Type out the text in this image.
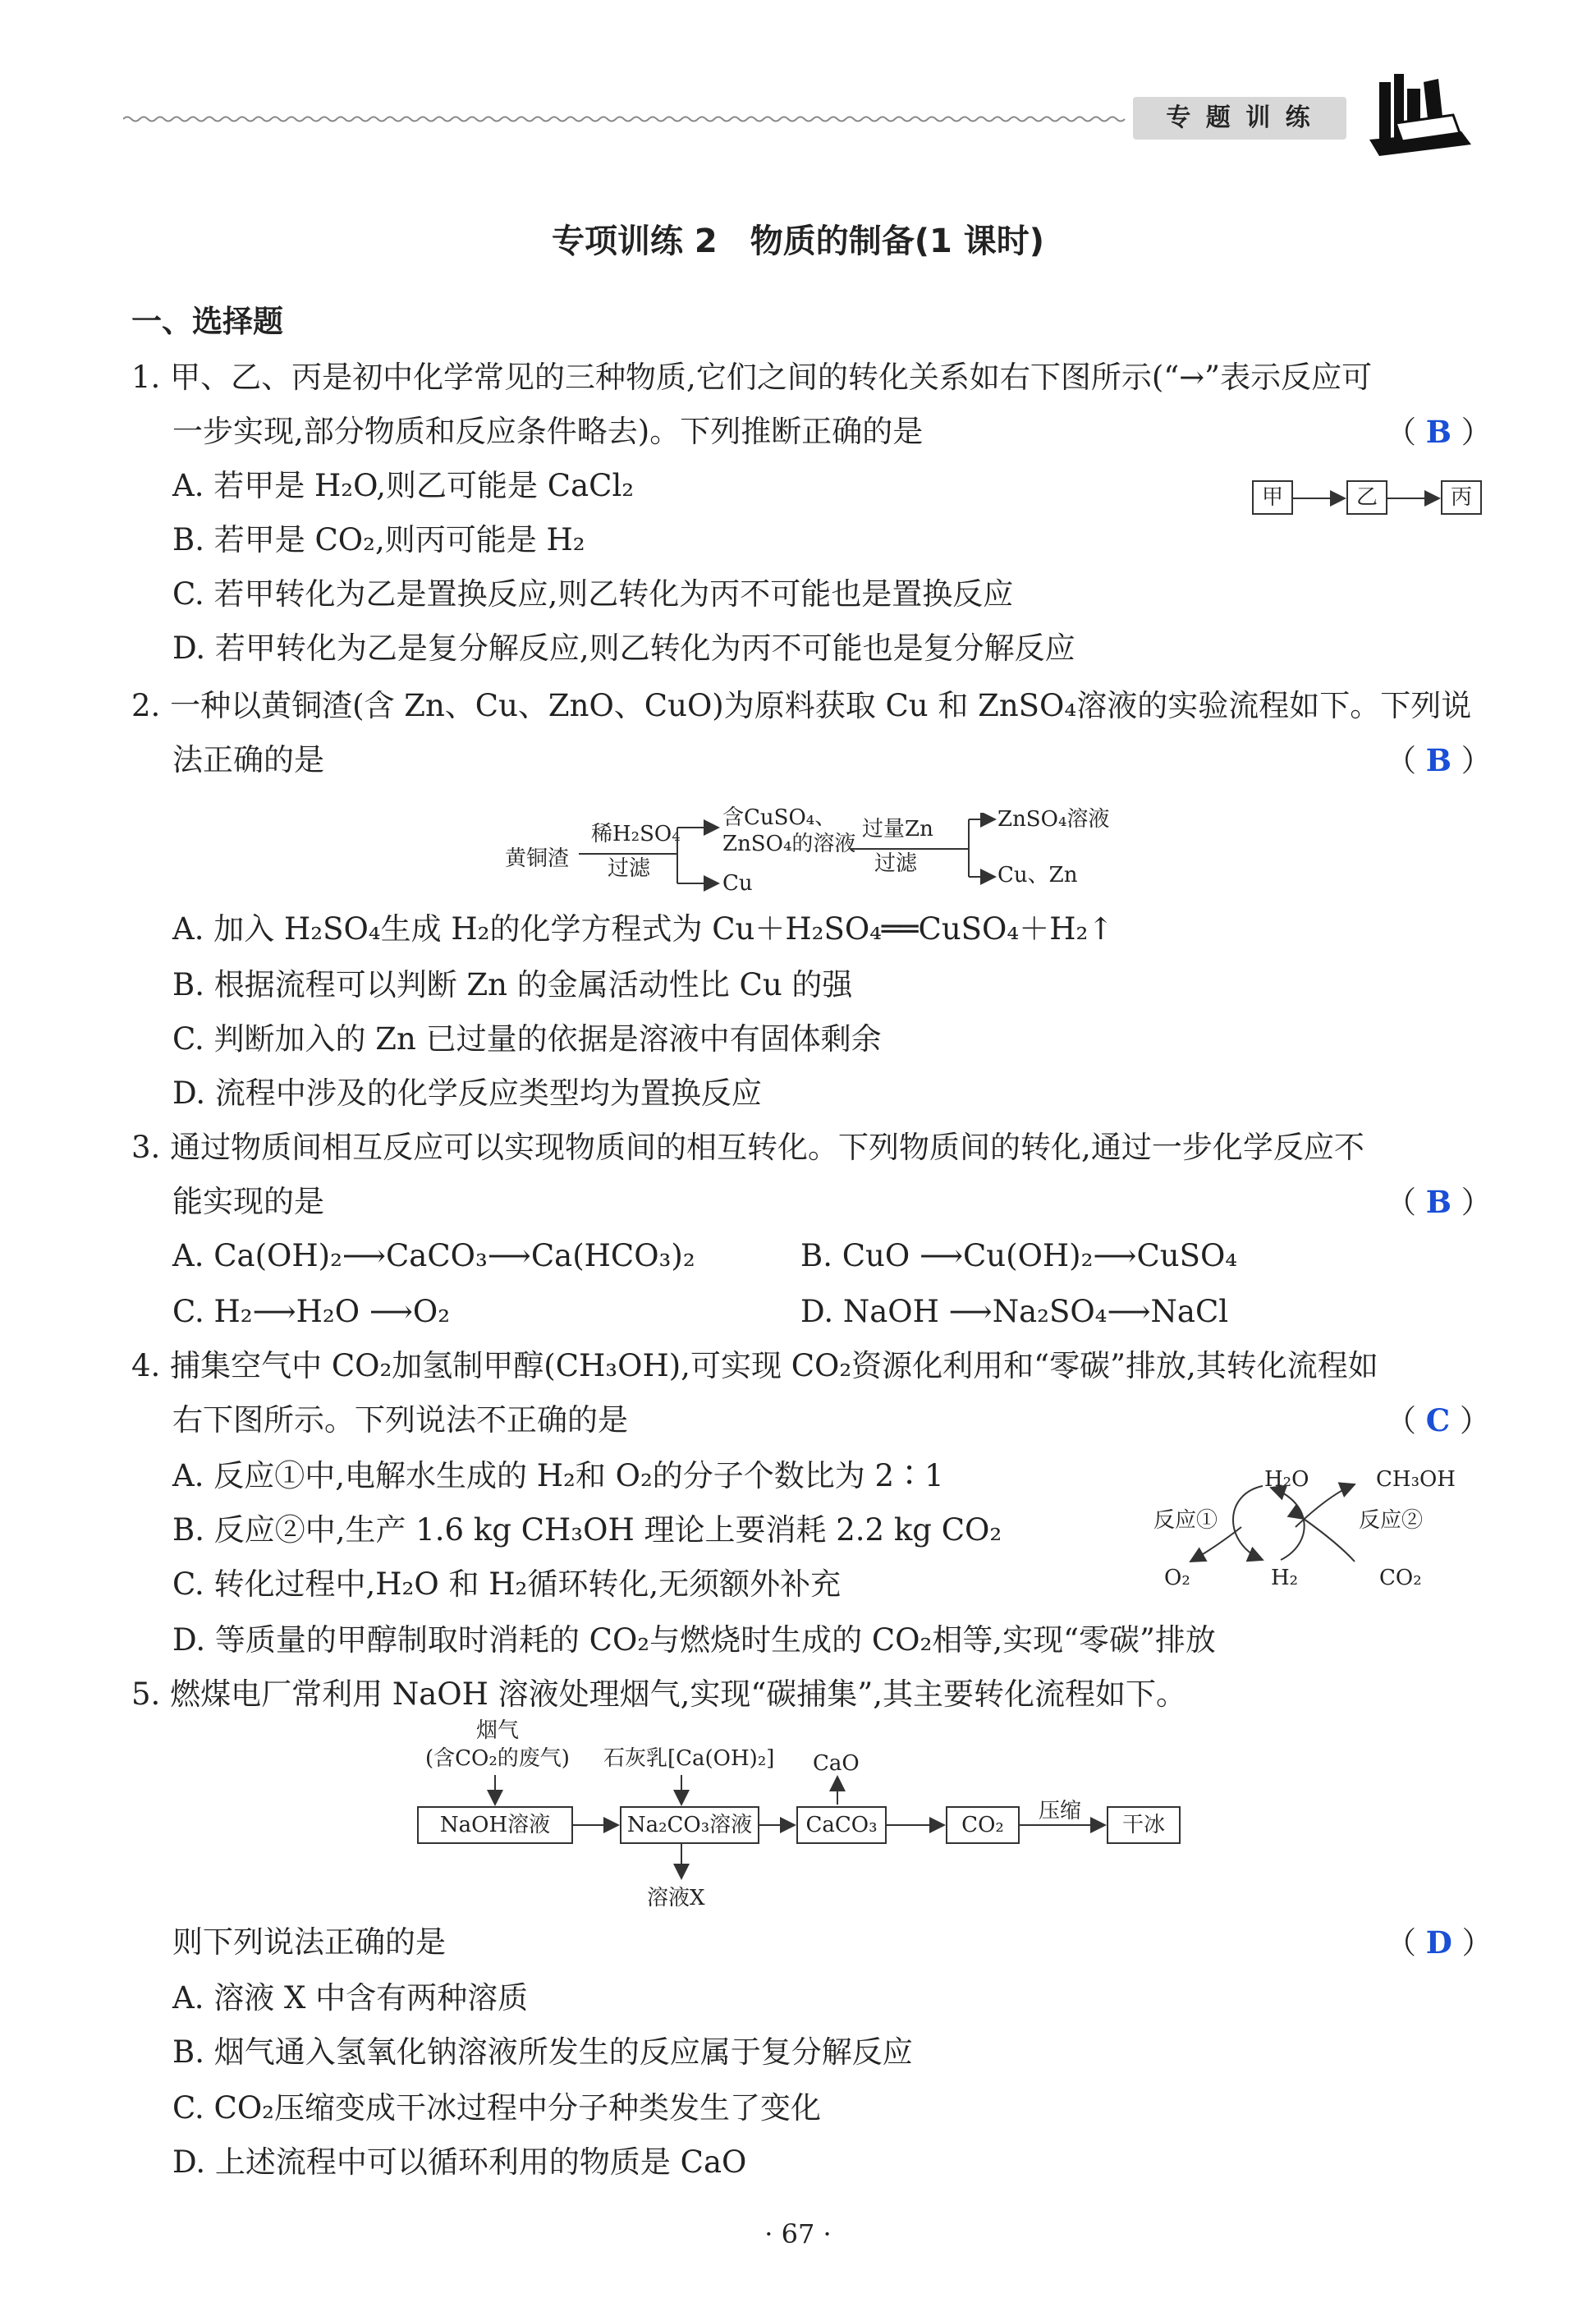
专 题 训 练
专项训练 2　物质的制备(1 课时)
一、选择题
1. 甲、乙、丙是初中化学常见的三种物质,它们之间的转化关系如右下图所示(“→”表示反应可
一步实现,部分物质和反应条件略去)。下列推断正确的是	（ B ）
A. 若甲是 H₂O,则乙可能是 CaCl₂
B. 若甲是 CO₂,则丙可能是 H₂
C. 若甲转化为乙是置换反应,则乙转化为丙不可能也是置换反应
D. 若甲转化为乙是复分解反应,则乙转化为丙不可能也是复分解反应
甲	乙	丙
2. 一种以黄铜渣(含 Zn、Cu、ZnO、CuO)为原料获取 Cu 和 ZnSO₄溶液的实验流程如下。下列说
法正确的是	（ B ）
黄铜渣
稀H₂SO₄
过滤
含CuSO₄、
ZnSO₄的溶液
Cu
过量Zn
过滤
ZnSO₄溶液
Cu、Zn
A. 加入 H₂SO₄生成 H₂的化学方程式为 Cu＋H₂SO₄══CuSO₄＋H₂↑
B. 根据流程可以判断 Zn 的金属活动性比 Cu 的强
C. 判断加入的 Zn 已过量的依据是溶液中有固体剩余
D. 流程中涉及的化学反应类型均为置换反应
3. 通过物质间相互反应可以实现物质间的相互转化。下列物质间的转化,通过一步化学反应不
能实现的是	（ B ）
A. Ca(OH)₂⟶CaCO₃⟶Ca(HCO₃)₂	B. CuO ⟶Cu(OH)₂⟶CuSO₄
C. H₂⟶H₂O ⟶O₂	D. NaOH ⟶Na₂SO₄⟶NaCl
4. 捕集空气中 CO₂加氢制甲醇(CH₃OH),可实现 CO₂资源化利用和“零碳”排放,其转化流程如
右下图所示。下列说法不正确的是	（ C ）
A. 反应①中,电解水生成的 H₂和 O₂的分子个数比为 2∶1
B. 反应②中,生产 1.6 kg CH₃OH 理论上要消耗 2.2 kg CO₂
C. 转化过程中,H₂O 和 H₂循环转化,无须额外补充
D. 等质量的甲醇制取时消耗的 CO₂与燃烧时生成的 CO₂相等,实现“零碳”排放
H₂O	CH₃OH
反应①	反应②
O₂	H₂	CO₂
5. 燃煤电厂常利用 NaOH 溶液处理烟气,实现“碳捕集”,其主要转化流程如下。
烟气
(含CO₂的废气) 石灰乳[Ca(OH)₂] CaO
NaOH溶液	Na₂CO₃溶液	CaCO₃	CO₂
压缩
干冰
溶液X
则下列说法正确的是	（ D ）
A. 溶液 X 中含有两种溶质
B. 烟气通入氢氧化钠溶液所发生的反应属于复分解反应
C. CO₂压缩变成干冰过程中分子种类发生了变化
D. 上述流程中可以循环利用的物质是 CaO
· 67 ·
